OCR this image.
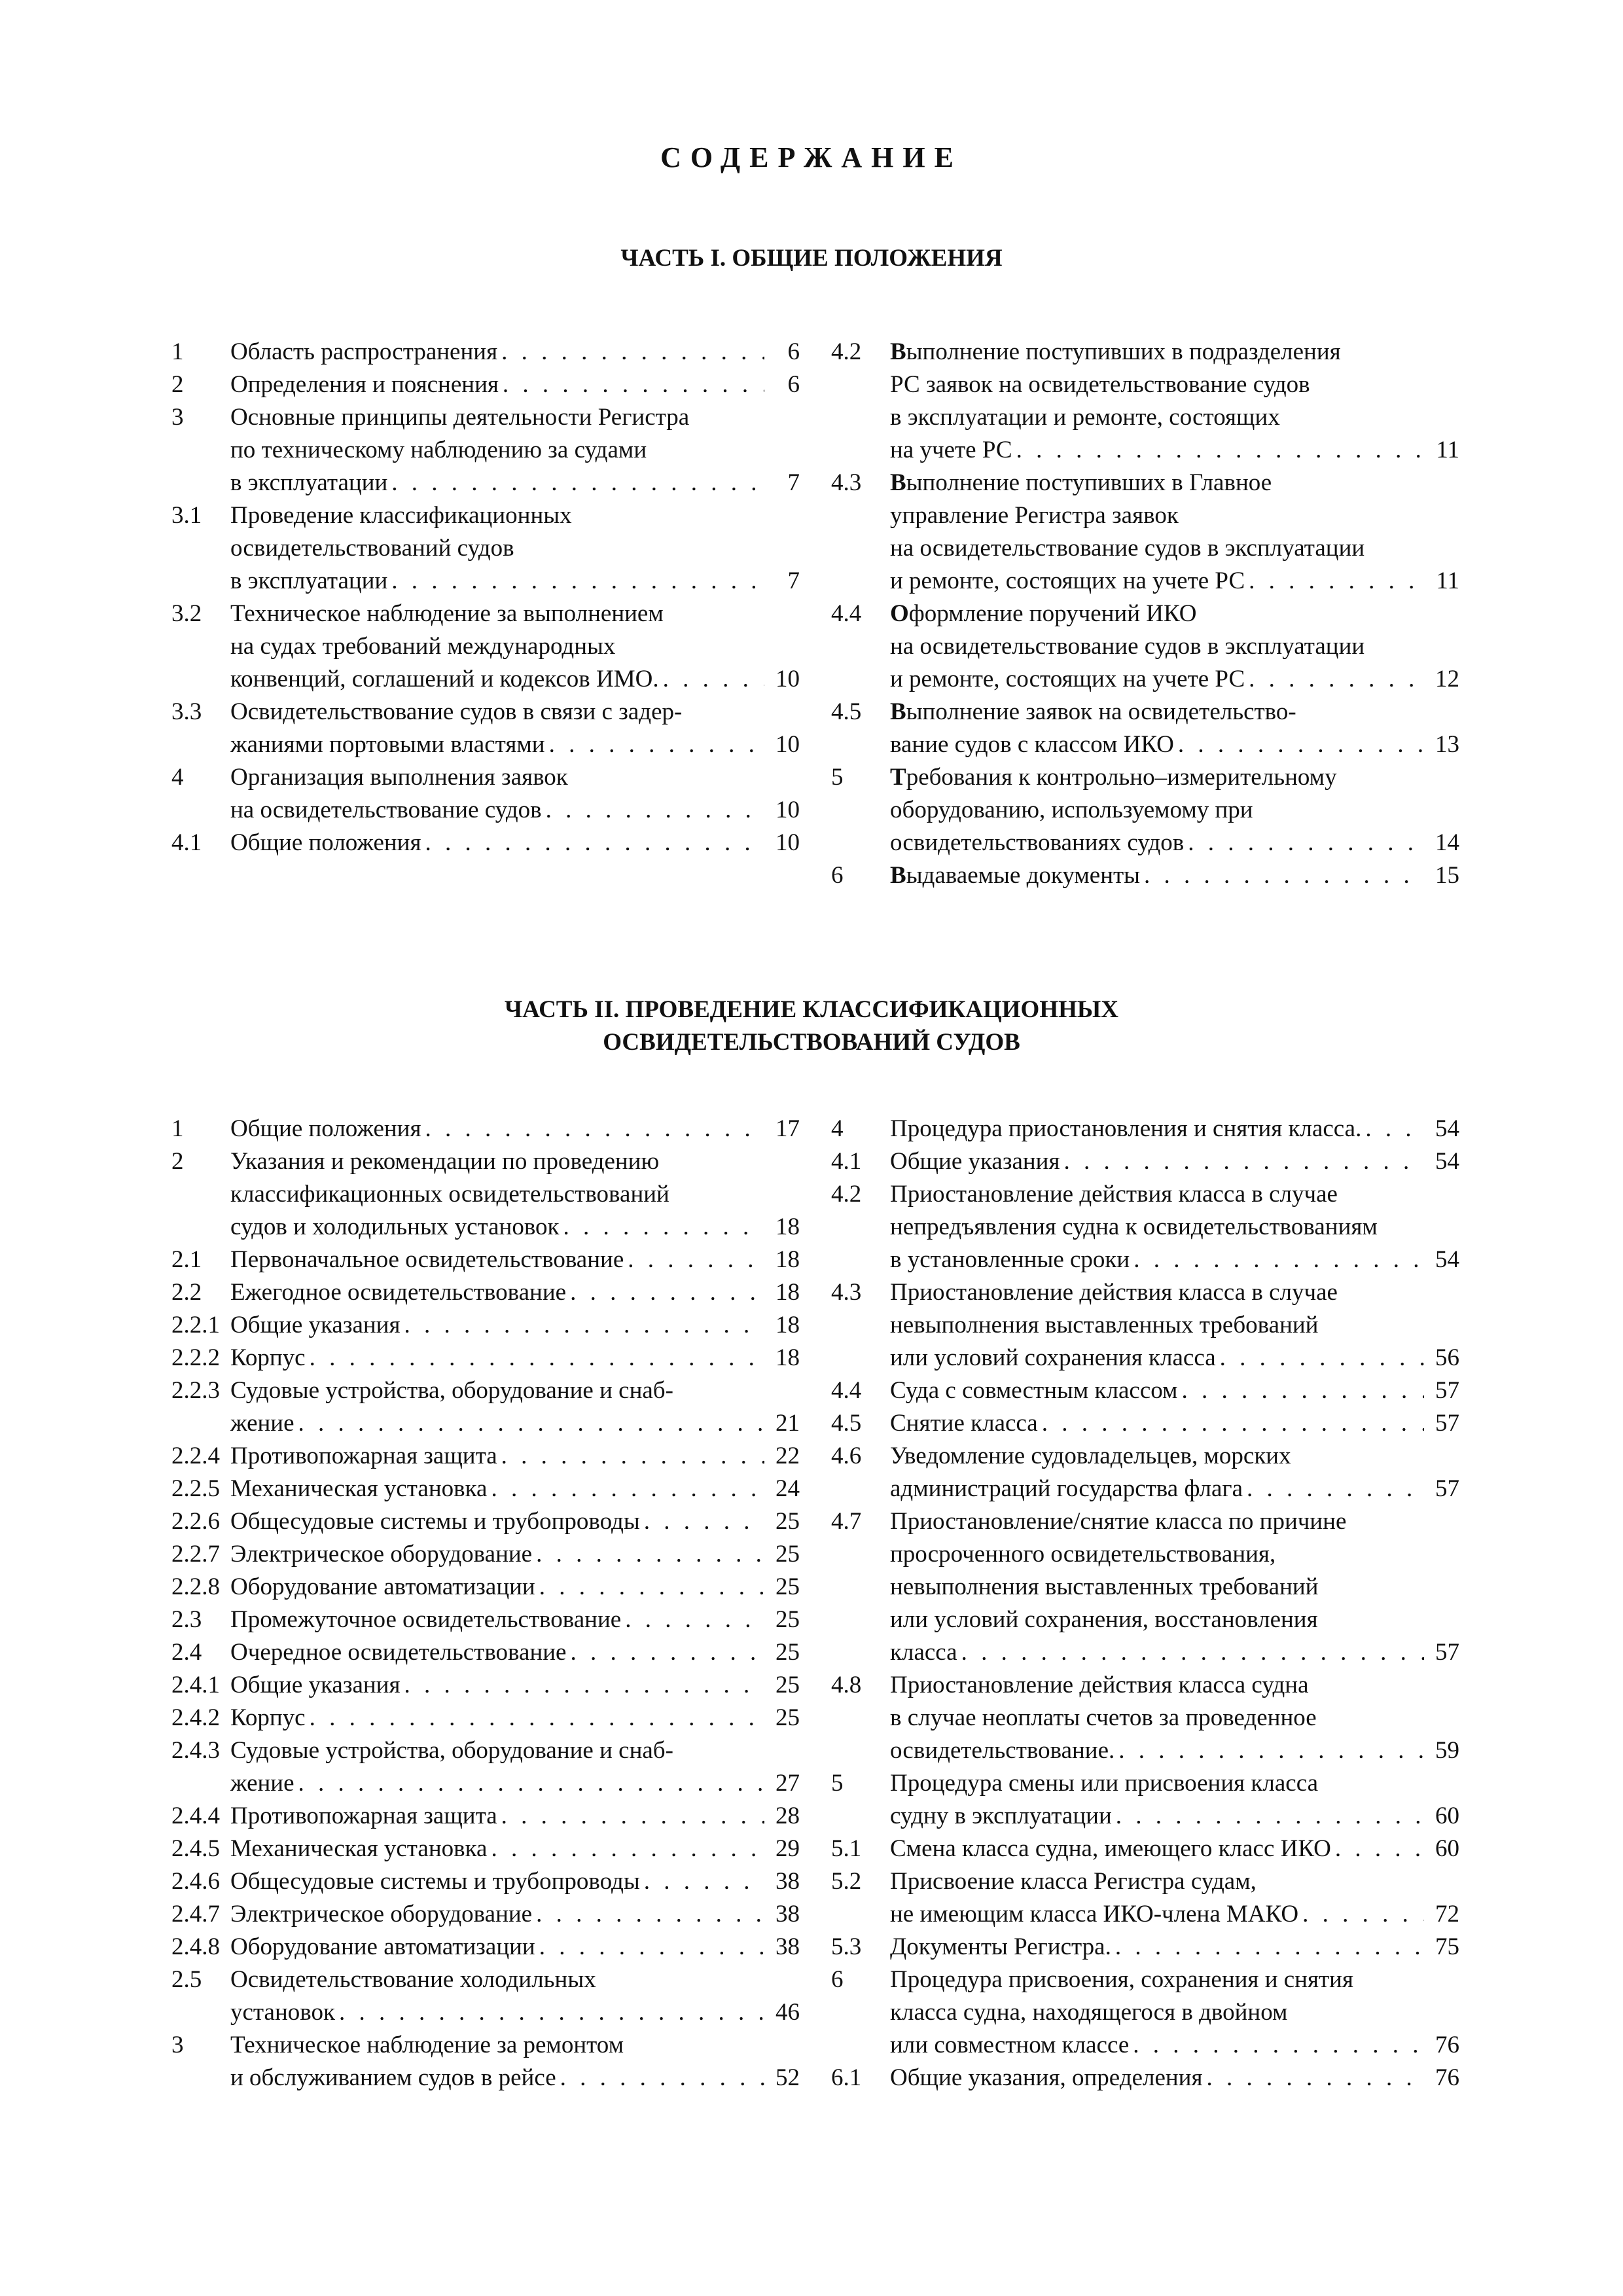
СОДЕРЖАНИЕ
ЧАСТЬ I. ОБЩИЕ ПОЛОЖЕНИЯ
1	Область распространения . . .	6
2	Определения и пояснения . . .	6
3	Основные принципы деятельности Регистра
по техническому наблюдению за судами
в эксплуатации . . .	7
3.1	Проведение классификационных
освидетельствований судов
в эксплуатации . . .	7
3.2	Техническое наблюдение за выполнением
на судах требований международных
конвенций, соглашений и кодексов ИМО. . . .	10
3.3	Освидетельствование судов в связи с задер-
жаниями портовыми властями . . .	10
4	Организация выполнения заявок
на освидетельствование судов . . .	10
4.1	Общие положения . . .	10
4.2	Выполнение поступивших в подразделения
РС заявок на освидетельствование судов
в эксплуатации и ремонте, состоящих
на учете РС . . .	11
4.3	Выполнение поступивших в Главное
управление Регистра заявок
на освидетельствование судов в эксплуатации
и ремонте, состоящих на учете РС . . .	11
4.4	Оформление поручений ИКО
на освидетельствование судов в эксплуатации
и ремонте, состоящих на учете РС . . .	12
4.5	Выполнение заявок на освидетельство-
вание судов с классом ИКО . . .	13
5	Требования к контрольно–измерительному
оборудованию, используемому при
освидетельствованиях судов . . .	14
6	Выдаваемые документы . . .	15
ЧАСТЬ II. ПРОВЕДЕНИЕ КЛАССИФИКАЦИОННЫХ
ОСВИДЕТЕЛЬСТВОВАНИЙ СУДОВ
1	Общие положения . . .	17
2	Указания и рекомендации по проведению
классификационных освидетельствований
судов и холодильных установок . . .	18
2.1	Первоначальное освидетельствование . . .	18
2.2	Ежегодное освидетельствование . . .	18
2.2.1 Общие указания . . .	18
2.2.2 Корпус . . .	18
2.2.3 Судовые устройства, оборудование и снаб-
жение . . .	21
2.2.4 Противопожарная защита . . .	22
2.2.5 Механическая установка . . .	24
2.2.6 Общесудовые системы и трубопроводы . . .	25
2.2.7 Электрическое оборудование . . .	25
2.2.8 Оборудование автоматизации . . .	25
2.3	Промежуточное освидетельствование . . .	25
2.4	Очередное освидетельствование . . .	25
2.4.1 Общие указания . . .	25
2.4.2 Корпус . . .	25
2.4.3 Судовые устройства, оборудование и снаб-
жение . . .	27
2.4.4 Противопожарная защита . . .	28
2.4.5 Механическая установка . . .	29
2.4.6 Общесудовые системы и трубопроводы . . .	38
2.4.7 Электрическое оборудование . . .	38
2.4.8 Оборудование автоматизации . . .	38
2.5	Освидетельствование холодильных
установок . . .	46
3	Техническое наблюдение за ремонтом
и обслуживанием судов в рейсе . . .	52
4	Процедура приостановления и снятия класса. . . .	54
4.1	Общие указания . . .	54
4.2	Приостановление действия класса в случае
непредъявления судна к освидетельствованиям
в установленные сроки . . .	54
4.3	Приостановление действия класса в случае
невыполнения выставленных требований
или условий сохранения класса . . .	56
4.4	Суда с совместным классом . . .	57
4.5	Снятие класса . . .	57
4.6	Уведомление судовладельцев, морских
администраций государства флага . . .	57
4.7	Приостановление/снятие класса по причине
просроченного освидетельствования,
невыполнения выставленных требований
или условий сохранения, восстановления
класса . . .	57
4.8	Приостановление действия класса судна
в случае неоплаты счетов за проведенное
освидетельствование. . . .	59
5	Процедура смены или присвоения класса
судну в эксплуатации . . .	60
5.1	Смена класса судна, имеющего класс ИКО . . .	60
5.2	Присвоение класса Регистра судам,
не имеющим класса ИКО-члена МАКО . . .	72
5.3	Документы Регистра. . . .	75
6	Процедура присвоения, сохранения и снятия
класса судна, находящегося в двойном
или совместном классе . . .	76
6.1	Общие указания, определения . . .	76
